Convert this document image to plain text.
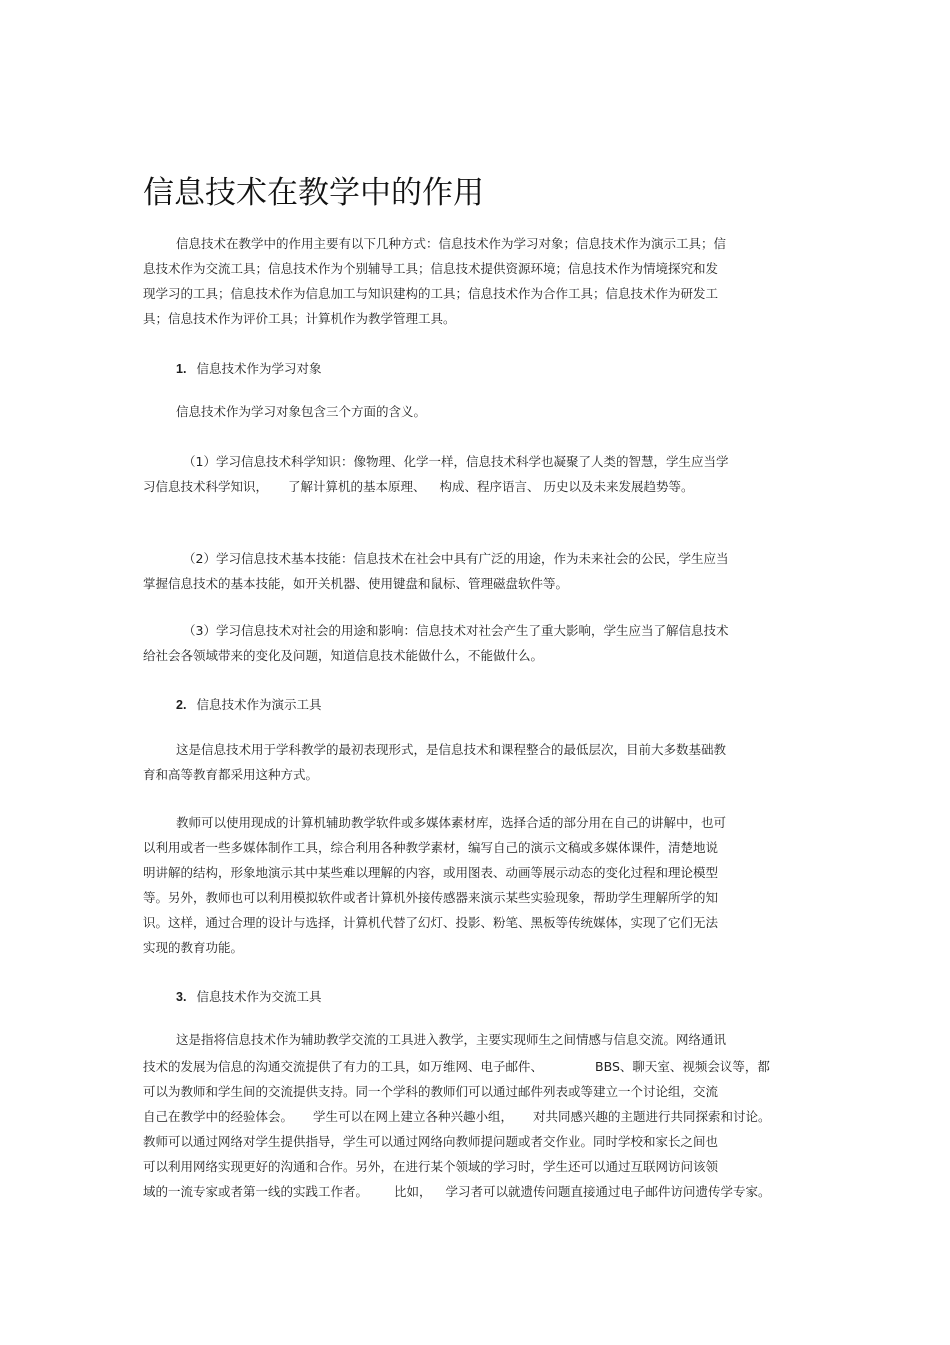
信息技术在教学中的作用
信息技术在教学中的作用主要有以下几种方式：信息技术作为学习对象；信息技术作为演示工具；信
息技术作为交流工具；信息技术作为个别辅导工具；信息技术提供资源环境；信息技术作为情境探究和发
现学习的工具；信息技术作为信息加工与知识建构的工具；信息技术作为合作工具；信息技术作为研发工
具；信息技术作为评价工具；计算机作为教学管理工具。
1. 信息技术作为学习对象
信息技术作为学习对象包含三个方面的含义。
（1）学习信息技术科学知识：像物理、化学一样，信息技术科学也凝聚了人类的智慧，学生应当学
习信息技术科学知识， 了解计算机的基本原理、 构成、程序语言、 历史以及未来发展趋势等。
（2）学习信息技术基本技能：信息技术在社会中具有广泛的用途，作为未来社会的公民，学生应当
掌握信息技术的基本技能，如开关机器、使用键盘和鼠标、管理磁盘软件等。
（3）学习信息技术对社会的用途和影响：信息技术对社会产生了重大影响，学生应当了解信息技术
给社会各领域带来的变化及问题，知道信息技术能做什么，不能做什么。
2. 信息技术作为演示工具
这是信息技术用于学科教学的最初表现形式，是信息技术和课程整合的最低层次，目前大多数基础教
育和高等教育都采用这种方式。
教师可以使用现成的计算机辅助教学软件或多媒体素材库，选择合适的部分用在自己的讲解中，也可
以利用或者一些多媒体制作工具，综合利用各种教学素材，编写自己的演示文稿或多媒体课件，清楚地说
明讲解的结构，形象地演示其中某些难以理解的内容，或用图表、动画等展示动态的变化过程和理论模型
等。另外，教师也可以利用模拟软件或者计算机外接传感器来演示某些实验现象，帮助学生理解所学的知
识。这样，通过合理的设计与选择，计算机代替了幻灯、投影、粉笔、黑板等传统媒体，实现了它们无法
实现的教育功能。
3. 信息技术作为交流工具
这是指将信息技术作为辅助教学交流的工具进入教学，主要实现师生之间情感与信息交流。网络通讯
技术的发展为信息的沟通交流提供了有力的工具，如万维网、电子邮件、	BBS、聊天室、视频会议等，都
可以为教师和学生间的交流提供支持。同一个学科的教师们可以通过邮件列表或等建立一个讨论组，交流
自己在教学中的经验体会。 学生可以在网上建立各种兴趣小组， 对共同感兴趣的主题进行共同探索和讨论。
教师可以通过网络对学生提供指导，学生可以通过网络向教师提问题或者交作业。同时学校和家长之间也
可以利用网络实现更好的沟通和合作。另外，在进行某个领域的学习时，学生还可以通过互联网访问该领
域的一流专家或者第一线的实践工作者。 比如， 学习者可以就遗传问题直接通过电子邮件访问遗传学专家。
